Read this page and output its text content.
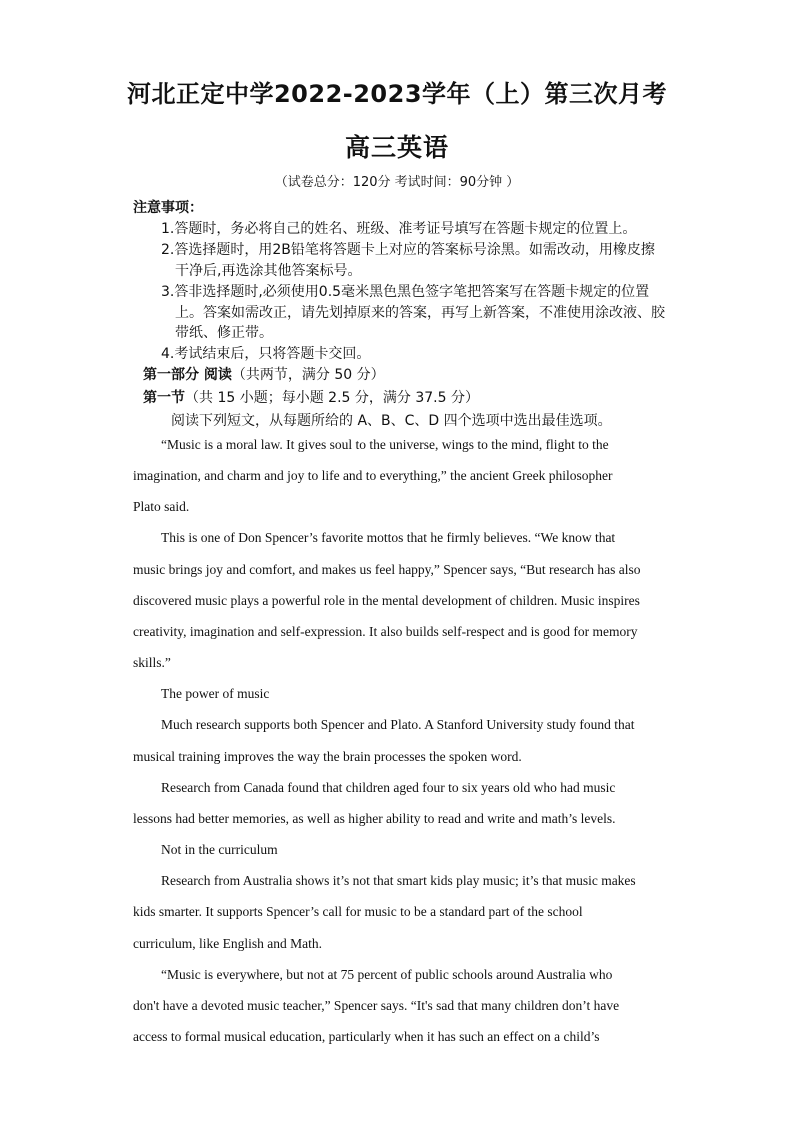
河北正定中学2022-2023学年（上）第三次月考
高三英语
（试卷总分：120分 考试时间：90分钟 ）
注意事项：
1.答题时，务必将自己的姓名、班级、准考证号填写在答题卡规定的位置上。
2.答选择题时，用2B铅笔将答题卡上对应的答案标号涂黑。如需改动，用橡皮擦
干净后,再选涂其他答案标号。
3.答非选择题时,必须使用0.5毫米黑色黑色签字笔把答案写在答题卡规定的位置
上。答案如需改正，请先划掉原来的答案，再写上新答案，不准使用涂改液、胶
带纸、修正带。
4.考试结束后，只将答题卡交回。
第一部分 阅读（共两节，满分 50 分）
第一节（共 15 小题；每小题 2.5 分，满分 37.5 分）
阅读下列短文，从每题所给的 A、B、C、D 四个选项中选出最佳选项。
“Music is a moral law. It gives soul to the universe, wings to the mind, flight to the
imagination, and charm and joy to life and to everything,” the ancient Greek philosopher
Plato said.
This is one of Don Spencer’s favorite mottos that he firmly believes. “We know that
music brings joy and comfort, and makes us feel happy,” Spencer says, “But research has also
discovered music plays a powerful role in the mental development of children. Music inspires
creativity, imagination and self-expression. It also builds self-respect and is good for memory
skills.”
The power of music
Much research supports both Spencer and Plato. A Stanford University study found that
musical training improves the way the brain processes the spoken word.
Research from Canada found that children aged four to six years old who had music
lessons had better memories, as well as higher ability to read and write and math’s levels.
Not in the curriculum
Research from Australia shows it’s not that smart kids play music; it’s that music makes
kids smarter. It supports Spencer’s call for music to be a standard part of the school
curriculum, like English and Math.
“Music is everywhere, but not at 75 percent of public schools around Australia who
don't have a devoted music teacher,” Spencer says. “It's sad that many children don’t have
access to formal musical education, particularly when it has such an effect on a child’s
